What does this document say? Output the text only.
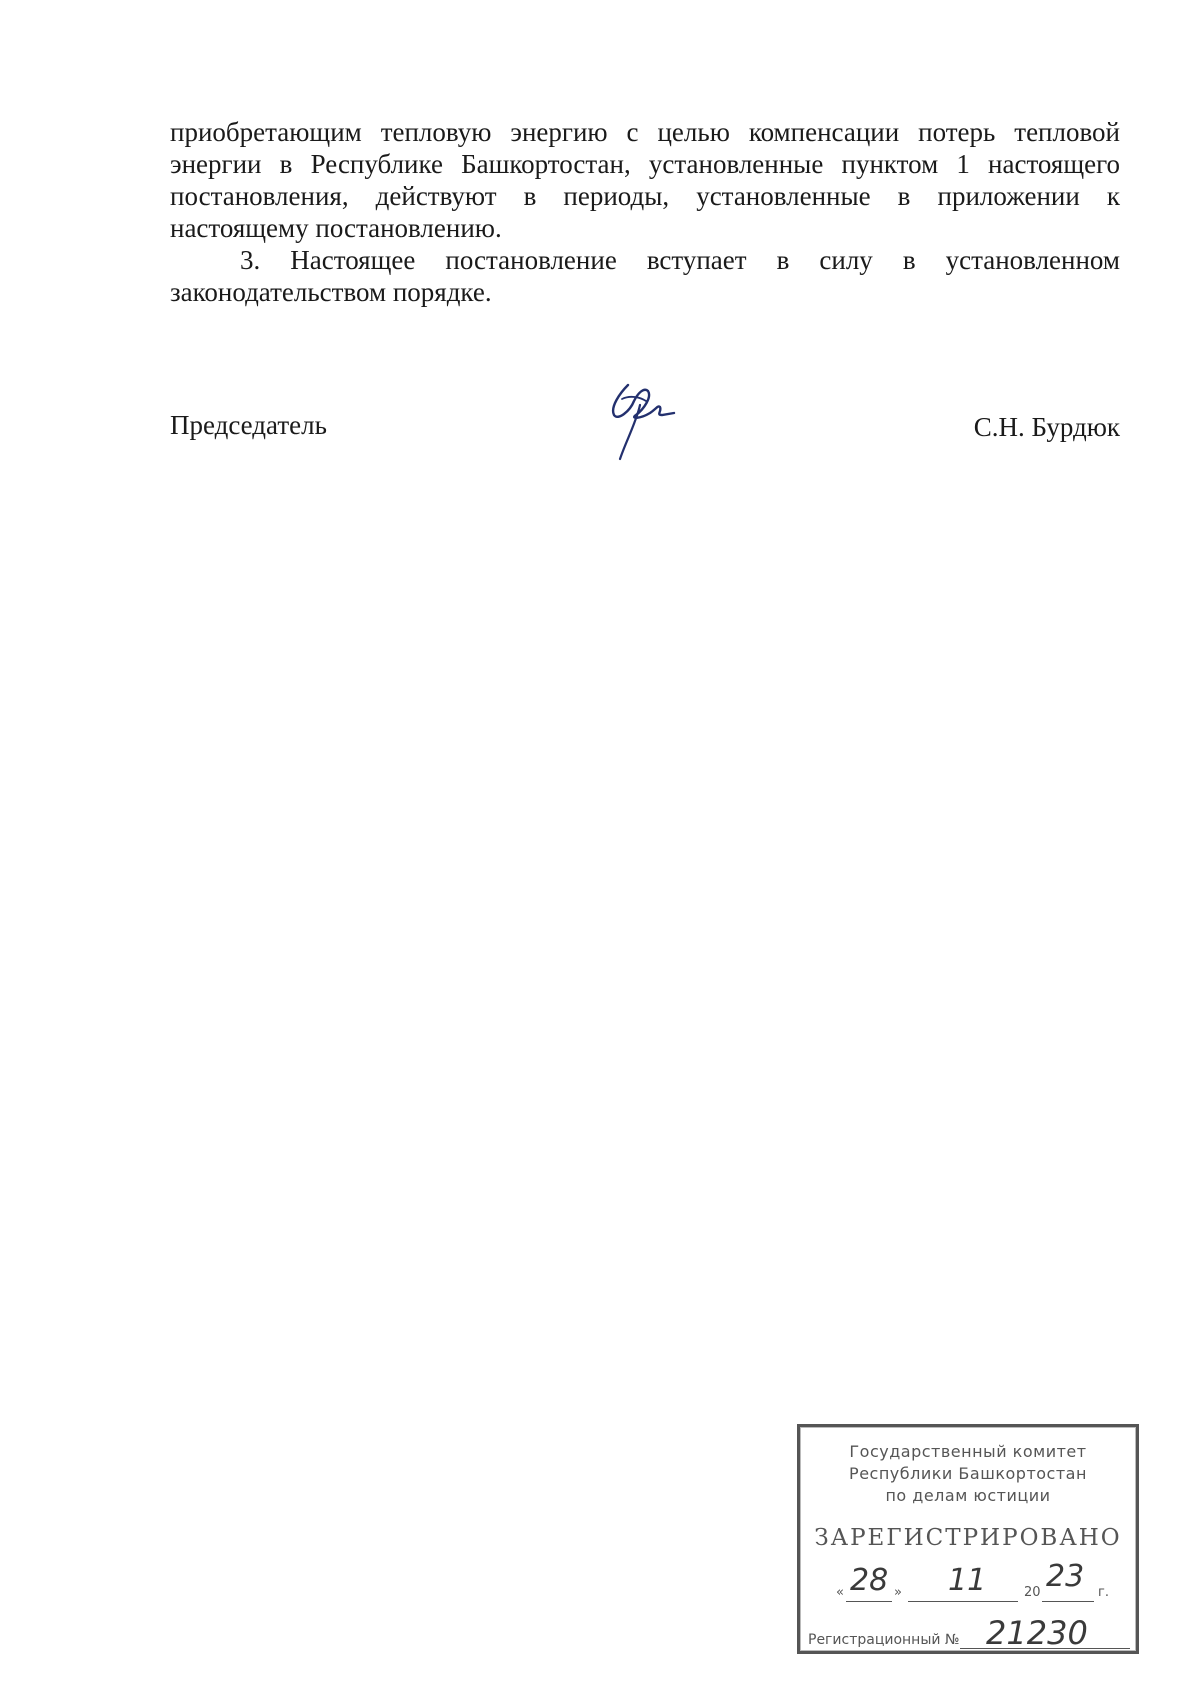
приобретающим тепловую энергию с целью компенсации потерь тепловой энергии в Республике Башкортостан, установленные пунктом 1 настоящего постановления, действуют в периоды, установленные в приложении к настоящему постановлению.

3. Настоящее постановление вступает в силу в установленном законодательством порядке.

Председатель	С.Н. Бурдюк
Государственный комитет
Республики Башкортостан
по делам юстиции
ЗАРЕГИСТРИРОВАНО
« 28 » 11	20 23 г.
Регистрационный № 21230
